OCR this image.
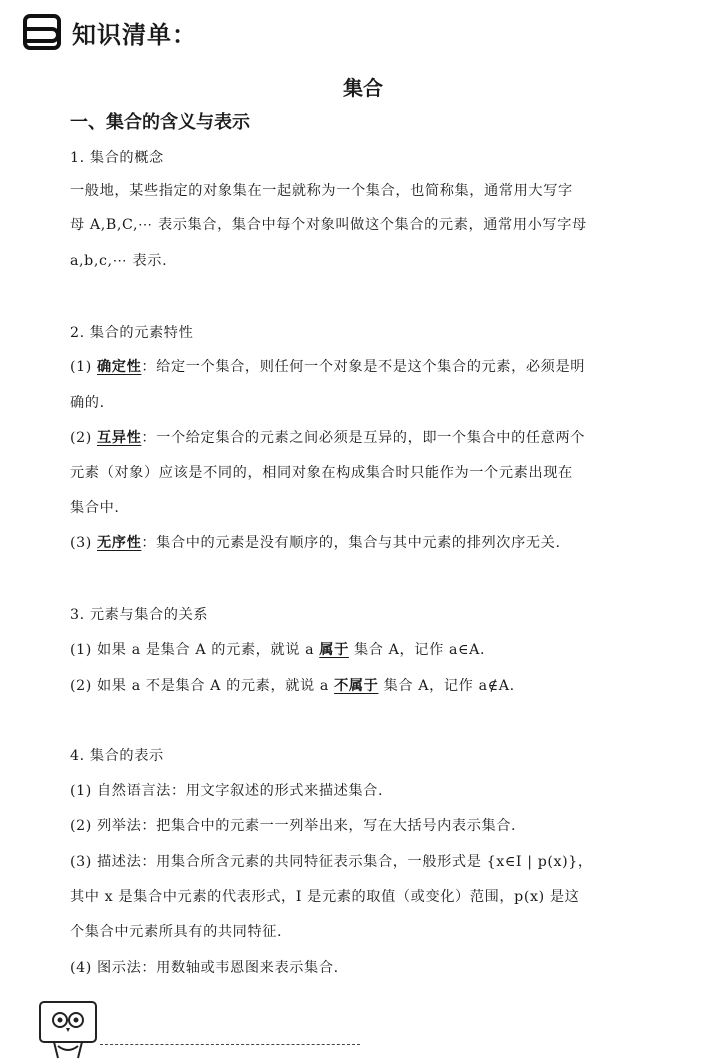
知识清单：
集合
一、集合的含义与表示
1. 集合的概念
一般地，某些指定的对象集在一起就称为一个集合，也简称集，通常用大写字
母 A,B,C,⋯ 表示集合，集合中每个对象叫做这个集合的元素，通常用小写字母
a,b,c,⋯ 表示.
2. 集合的元素特性
(1) 确定性：给定一个集合，则任何一个对象是不是这个集合的元素，必须是明
确的.
(2) 互异性：一个给定集合的元素之间必须是互异的，即一个集合中的任意两个
元素（对象）应该是不同的，相同对象在构成集合时只能作为一个元素出现在
集合中.
(3) 无序性：集合中的元素是没有顺序的，集合与其中元素的排列次序无关.
3. 元素与集合的关系
(1) 如果 a 是集合 A 的元素，就说 a 属于 集合 A，记作 a∈A.
(2) 如果 a 不是集合 A 的元素，就说 a 不属于 集合 A，记作 a∉A.
4. 集合的表示
(1) 自然语言法：用文字叙述的形式来描述集合.
(2) 列举法：把集合中的元素一一列举出来，写在大括号内表示集合.
(3) 描述法：用集合所含元素的共同特征表示集合，一般形式是 {x∈I | p(x)}，
其中 x 是集合中元素的代表形式，I 是元素的取值（或变化）范围，p(x) 是这
个集合中元素所具有的共同特征.
(4) 图示法：用数轴或韦恩图来表示集合.
